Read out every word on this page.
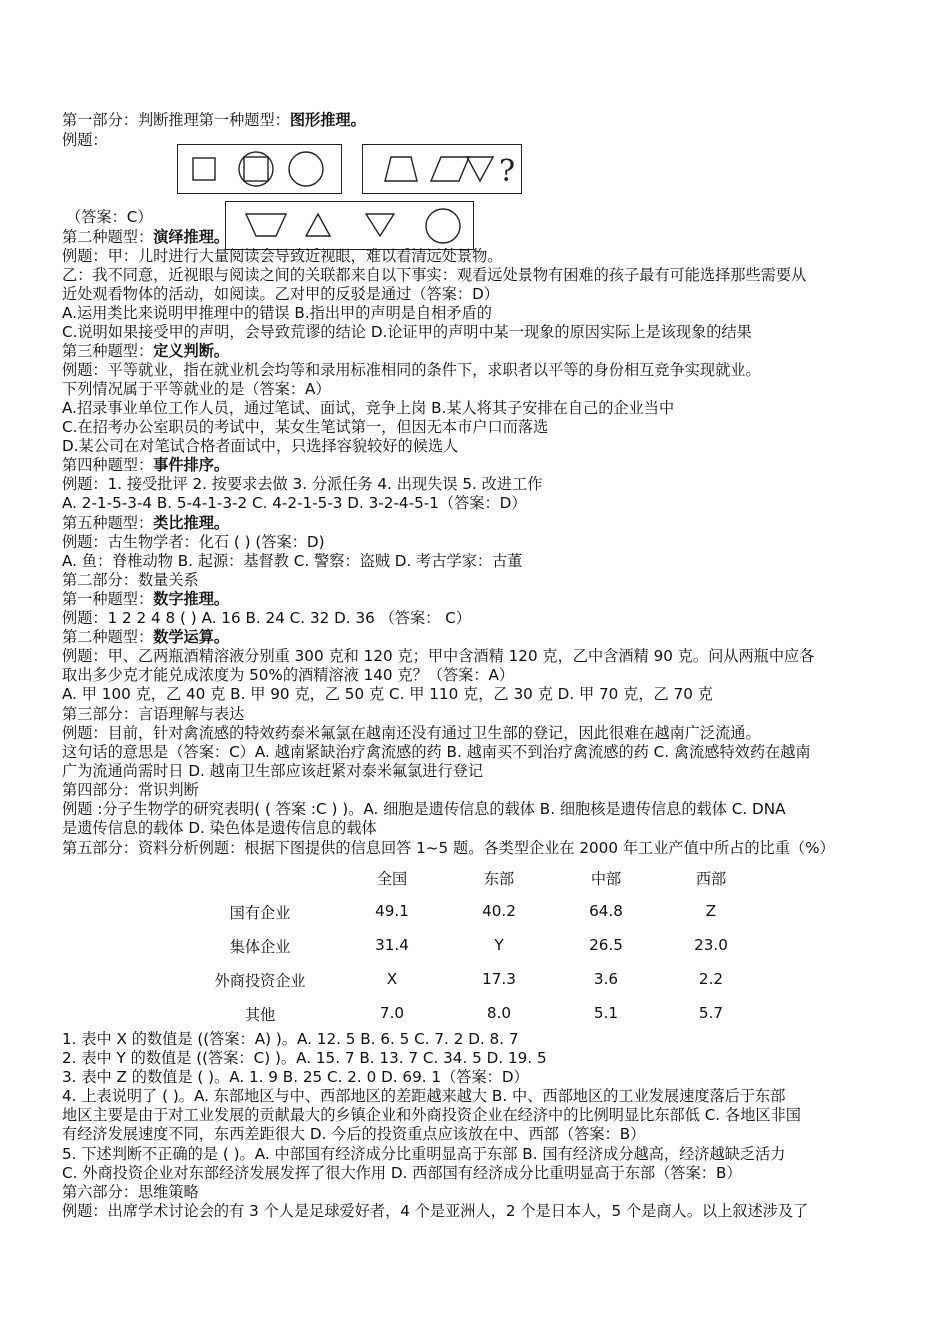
第一部分：判断推理第一种题型：图形推理。
例题：
?
（答案：C）
第二种题型：演绎推理。
例题：甲：儿时进行大量阅读会导致近视眼，难以看清远处景物。
乙：我不同意，近视眼与阅读之间的关联都来自以下事实：观看远处景物有困难的孩子最有可能选择那些需要从
近处观看物体的活动，如阅读。乙对甲的反驳是通过（答案：D）
A.运用类比来说明甲推理中的错误 B.指出甲的声明是自相矛盾的
C.说明如果接受甲的声明，会导致荒谬的结论 D.论证甲的声明中某一现象的原因实际上是该现象的结果
第三种题型：定义判断。
例题：平等就业，指在就业机会均等和录用标准相同的条件下，求职者以平等的身份相互竞争实现就业。
下列情况属于平等就业的是（答案：A）
A.招录事业单位工作人员，通过笔试、面试，竞争上岗 B.某人将其子安排在自己的企业当中
C.在招考办公室职员的考试中，某女生笔试第一，但因无本市户口而落选
D.某公司在对笔试合格者面试中，只选择容貌较好的候选人
第四种题型：事件排序。
例题：1. 接受批评 2. 按要求去做 3. 分派任务 4. 出现失误 5. 改进工作
A. 2-1-5-3-4 B. 5-4-1-3-2 C. 4-2-1-5-3 D. 3-2-4-5-1（答案：D）
第五种题型：类比推理。
例题：古生物学者：化石 ( ) (答案：D)
A. 鱼：脊椎动物 B. 起源：基督教 C. 警察：盗贼 D. 考古学家：古董
第二部分：数量关系
第一种题型：数字推理。
例题：1 2 2 4 8 ( ) A. 16 B. 24 C. 32 D. 36 （答案： C）
第二种题型：数学运算。
例题：甲、乙两瓶酒精溶液分别重 300 克和 120 克；甲中含酒精 120 克，乙中含酒精 90 克。问从两瓶中应各
取出多少克才能兑成浓度为 50%的酒精溶液 140 克？（答案：A）
A. 甲 100 克，乙 40 克 B. 甲 90 克，乙 50 克 C. 甲 110 克，乙 30 克 D. 甲 70 克，乙 70 克
第三部分：言语理解与表达
例题：目前，针对禽流感的特效药泰米氟氯在越南还没有通过卫生部的登记，因此很难在越南广泛流通。
这句话的意思是（答案：C）A. 越南紧缺治疗禽流感的药 B. 越南买不到治疗禽流感的药 C. 禽流感特效药在越南
广为流通尚需时日 D. 越南卫生部应该赶紧对泰米氟氯进行登记
第四部分：常识判断
例题 :分子生物学的研究表明( ( 答案 :C ) )。A. 细胞是遗传信息的载体 B. 细胞核是遗传信息的载体 C. DNA
是遗传信息的载体 D. 染色体是遗传信息的载体
第五部分：资料分析例题：根据下图提供的信息回答 1~5 题。各类型企业在 2000 年工业产值中所占的比重（%）
全国	东部	中部	西部
国有企业	49.1	40.2	64.8	Z
集体企业	31.4	Y	26.5	23.0
外商投资企业	X	17.3	3.6	2.2
其他	7.0	8.0	5.1	5.7
1. 表中 X 的数值是 ((答案：A) )。A. 12. 5 B. 6. 5 C. 7. 2 D. 8. 7
2. 表中 Y 的数值是 ((答案：C) )。A. 15. 7 B. 13. 7 C. 34. 5 D. 19. 5
3. 表中 Z 的数值是 ( )。A. 1. 9 B. 25 C. 2. 0 D. 69. 1（答案：D）
4. 上表说明了 ( )。A. 东部地区与中、西部地区的差距越来越大 B. 中、西部地区的工业发展速度落后于东部
地区主要是由于对工业发展的贡献最大的乡镇企业和外商投资企业在经济中的比例明显比东部低 C. 各地区非国
有经济发展速度不同，东西差距很大 D. 今后的投资重点应该放在中、西部（答案：B）
5. 下述判断不正确的是 ( )。A. 中部国有经济成分比重明显高于东部 B. 国有经济成分越高，经济越缺乏活力
C. 外商投资企业对东部经济发展发挥了很大作用 D. 西部国有经济成分比重明显高于东部（答案：B）
第六部分：思维策略
例题：出席学术讨论会的有 3 个人是足球爱好者，4 个是亚洲人，2 个是日本人，5 个是商人。以上叙述涉及了
